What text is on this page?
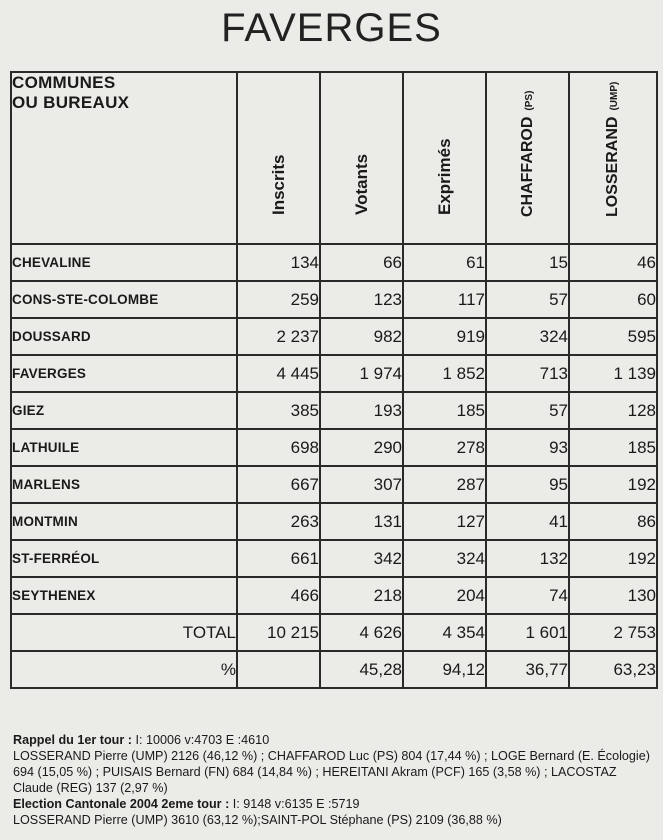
FAVERGES
COMMUNES
OU BUREAUX	Inscrits	Votants	Exprimés	CHAFFAROD(PS)	LOSSERAND(UMP)

CHEVALINE	134	66	61	15	46
CONS-STE-COLOMBE	259	123	117	57	60
DOUSSARD	2 237	982	919	324	595
FAVERGES	4 445	1 974	1 852	713	1 139
GIEZ	385	193	185	57	128
LATHUILE	698	290	278	93	185
MARLENS	667	307	287	95	192
MONTMIN	263	131	127	41	86
ST-FERRÉOL	661	342	324	132	192
SEYTHENEX	466	218	204	74	130
TOTAL	10 215	4 626	4 354	1 601	2 753
%		45,28	94,12	36,77	63,23
Rappel du 1er tour : I: 10006 v:4703 E :4610
LOSSERAND Pierre (UMP) 2126 (46,12 %) ; CHAFFAROD Luc (PS) 804 (17,44 %) ; LOGE Bernard (E. Écologie) 694 (15,05 %) ; PUISAIS Bernard (FN) 684 (14,84 %) ; HEREITANI Akram (PCF) 165 (3,58 %) ; LACOSTAZ Claude (REG) 137 (2,97 %)
Election Cantonale 2004 2eme tour : I: 9148 v:6135 E :5719
LOSSERAND Pierre (UMP) 3610 (63,12 %);SAINT-POL Stéphane (PS) 2109 (36,88 %)
